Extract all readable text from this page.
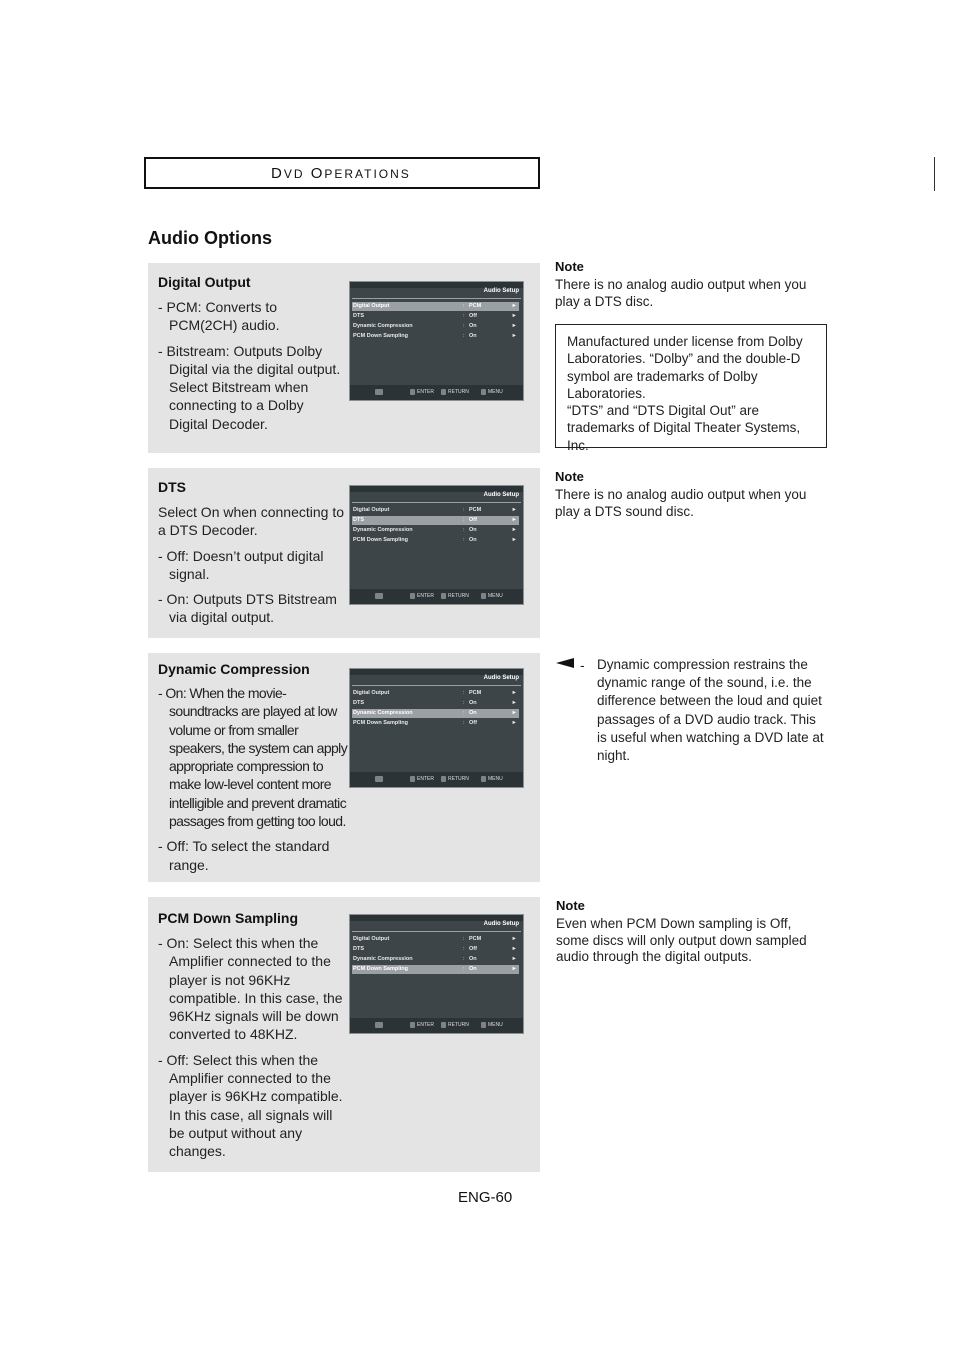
DVD OPERATIONS
Audio Options
Digital Output

- PCM: Converts to PCM(2CH) audio.

- Bitstream: Outputs Dolby Digital via the digital output. Select Bitstream when connecting to a Dolby Digital Decoder.

Audio Setup
Digital Output	: PCM	►
DTS	: Off	►
Dynamic Compression	: On	►
PCM Down Sampling	: On	►
ENTER	RETURN	MENU
DTS

Select On when connecting to a DTS Decoder.

- Off: Doesn’t output digital signal.

- On: Outputs DTS Bitstream via digital output.

Audio Setup
Digital Output	: PCM	►
DTS	: Off	►
Dynamic Compression	: On	►
PCM Down Sampling	: On	►
ENTER	RETURN	MENU
Dynamic Compression

- On: When the movie-soundtracks are played at low volume or from smaller speakers, the system can apply appropriate compression to make low-level content more intelligible and prevent dramatic passages from getting too loud.

- Off: To select the standard range.

Audio Setup
Digital Output	: PCM	►
DTS	: On	►
Dynamic Compression	: On	►
PCM Down Sampling	: Off	►
ENTER	RETURN	MENU
PCM Down Sampling

- On: Select this when the Amplifier connected to the player is not 96KHz compatible. In this case, the 96KHz signals will be down converted to 48KHZ.

- Off: Select this when the Amplifier connected to the player is 96KHz compatible. In this case, all signals will be output without any changes.

Audio Setup
Digital Output	: PCM	►
DTS	: Off	►
Dynamic Compression	: On	►
PCM Down Sampling	: On	►
ENTER	RETURN	MENU
Note
There is no analog audio output when you play a DTS disc.
Manufactured under license from Dolby Laboratories. “Dolby” and the double-D symbol are trademarks of Dolby Laboratories.
“DTS” and “DTS Digital Out” are trademarks of Digital Theater Systems, Inc.
Note
There is no analog audio output when you play a DTS sound disc.
- Dynamic compression restrains the dynamic range of the sound, i.e. the difference between the loud and quiet passages of a DVD audio track. This is useful when watching a DVD late at night.
Note
Even when PCM Down sampling is Off, some discs will only output down sampled audio through the digital outputs.
ENG-60
